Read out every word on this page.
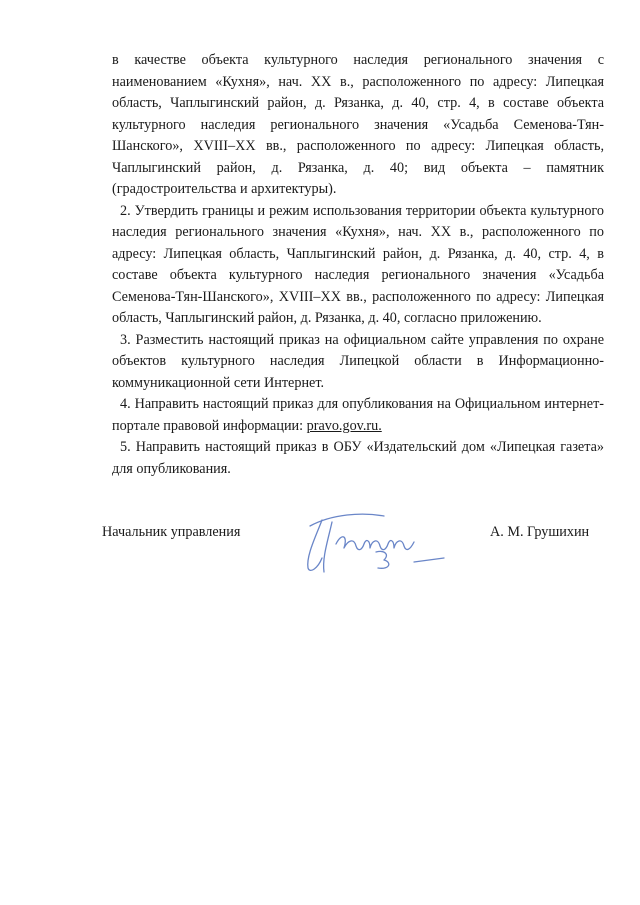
в качестве объекта культурного наследия регионального значения с наименованием «Кухня», нач. XX в., расположенного по адресу: Липецкая область, Чаплыгинский район, д. Рязанка, д. 40, стр. 4, в составе объекта культурного наследия регионального значения «Усадьба Семенова-Тян-Шанского», XVIII–XX вв., расположенного по адресу: Липецкая область, Чаплыгинский район, д. Рязанка, д. 40; вид объекта – памятник (градостроительства и архитектуры).

2. Утвердить границы и режим использования территории объекта культурного наследия регионального значения «Кухня», нач. XX в., расположенного по адресу: Липецкая область, Чаплыгинский район, д. Рязанка, д. 40, стр. 4, в составе объекта культурного наследия регионального значения «Усадьба Семенова-Тян-Шанского», XVIII–XX вв., расположенного по адресу: Липецкая область, Чаплыгинский район, д. Рязанка, д. 40, согласно приложению.

3. Разместить настоящий приказ на официальном сайте управления по охране объектов культурного наследия Липецкой области в Информационно-коммуникационной сети Интернет.

4. Направить настоящий приказ для опубликования на Официальном интернет-портале правовой информации: pravo.gov.ru.

5. Направить настоящий приказ в ОБУ «Издательский дом «Липецкая газета» для опубликования.

Начальник управления	А. М. Грушихин
